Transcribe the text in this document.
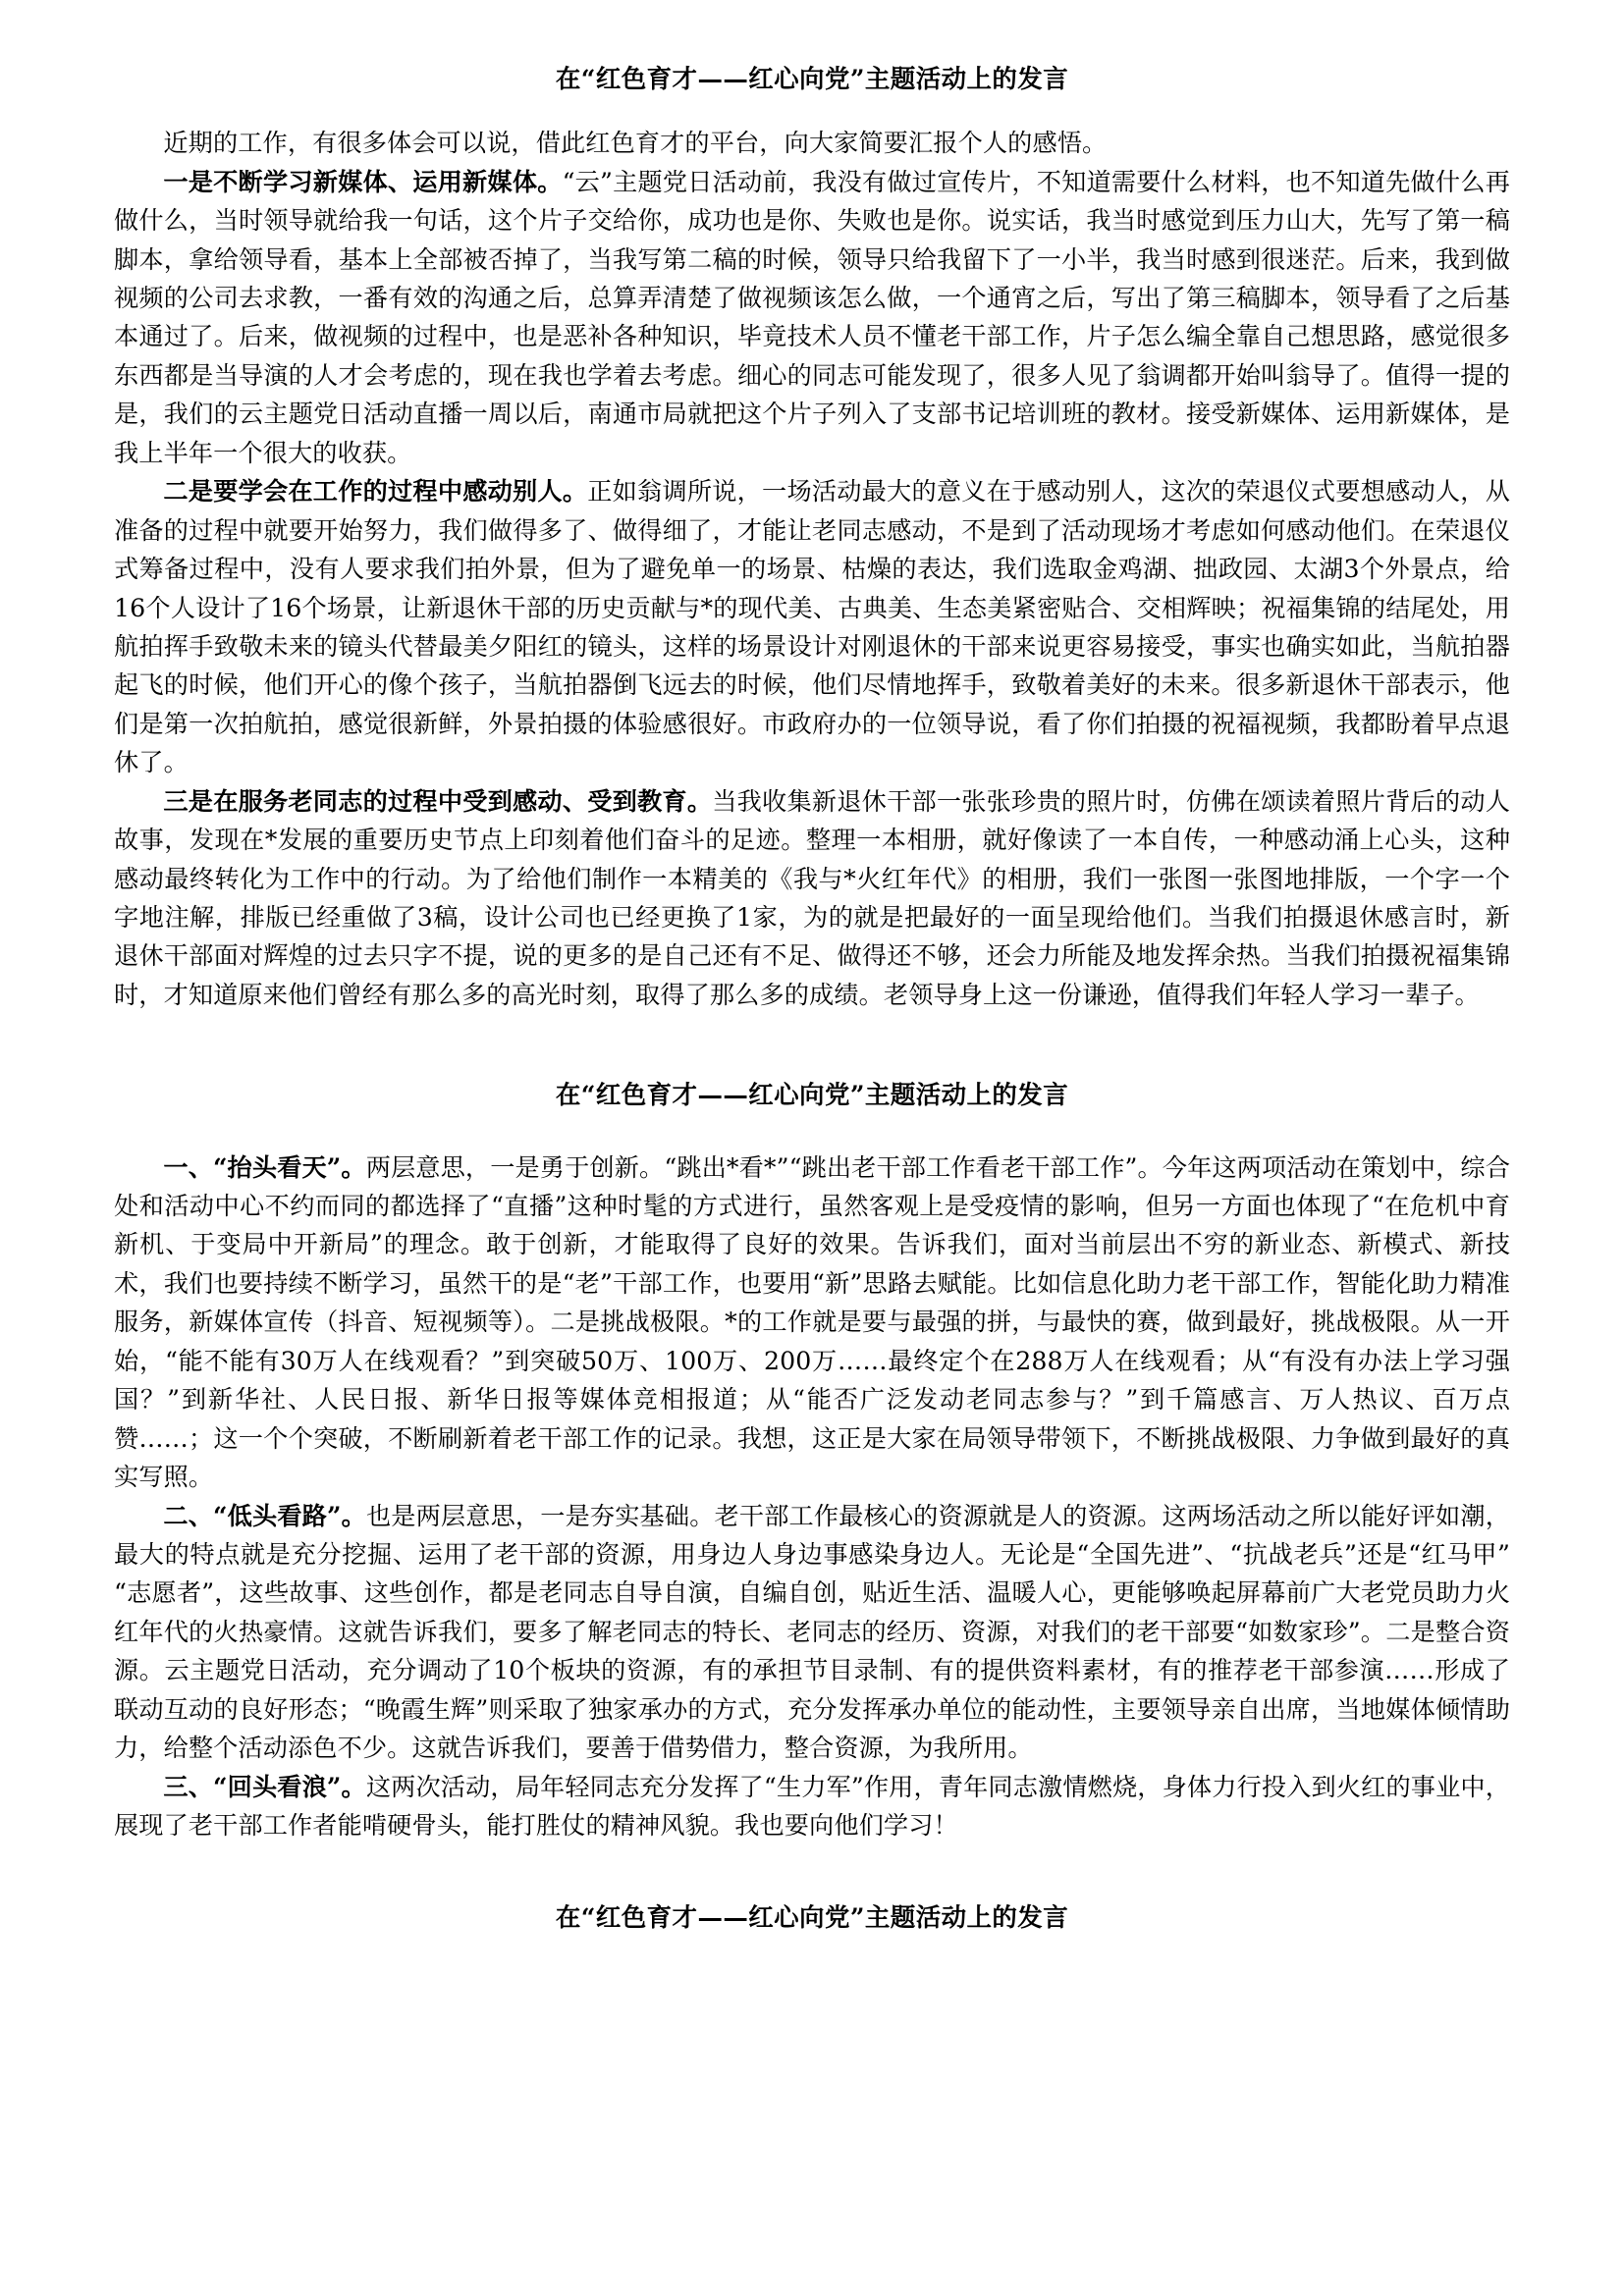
在“红色育才——红心向党”主题活动上的发言

近期的工作，有很多体会可以说，借此红色育才的平台，向大家简要汇报个人的感悟。

一是不断学习新媒体、运用新媒体。“云”主题党日活动前，我没有做过宣传片，不知道需要什么材料，也不知道先做什么再做什么，当时领导就给我一句话，这个片子交给你，成功也是你、失败也是你。说实话，我当时感觉到压力山大，先写了第一稿脚本，拿给领导看，基本上全部被否掉了，当我写第二稿的时候，领导只给我留下了一小半，我当时感到很迷茫。后来，我到做视频的公司去求教，一番有效的沟通之后，总算弄清楚了做视频该怎么做，一个通宵之后，写出了第三稿脚本，领导看了之后基本通过了。后来，做视频的过程中，也是恶补各种知识，毕竟技术人员不懂老干部工作，片子怎么编全靠自己想思路，感觉很多东西都是当导演的人才会考虑的，现在我也学着去考虑。细心的同志可能发现了，很多人见了翁调都开始叫翁导了。值得一提的是，我们的云主题党日活动直播一周以后，南通市局就把这个片子列入了支部书记培训班的教材。接受新媒体、运用新媒体，是我上半年一个很大的收获。

二是要学会在工作的过程中感动别人。正如翁调所说，一场活动最大的意义在于感动别人，这次的荣退仪式要想感动人，从准备的过程中就要开始努力，我们做得多了、做得细了，才能让老同志感动，不是到了活动现场才考虑如何感动他们。在荣退仪式筹备过程中，没有人要求我们拍外景，但为了避免单一的场景、枯燥的表达，我们选取金鸡湖、拙政园、太湖3个外景点，给16个人设计了16个场景，让新退休干部的历史贡献与*的现代美、古典美、生态美紧密贴合、交相辉映；祝福集锦的结尾处，用航拍挥手致敬未来的镜头代替最美夕阳红的镜头，这样的场景设计对刚退休的干部来说更容易接受，事实也确实如此，当航拍器起飞的时候，他们开心的像个孩子，当航拍器倒飞远去的时候，他们尽情地挥手，致敬着美好的未来。很多新退休干部表示，他们是第一次拍航拍，感觉很新鲜，外景拍摄的体验感很好。市政府办的一位领导说，看了你们拍摄的祝福视频，我都盼着早点退休了。

三是在服务老同志的过程中受到感动、受到教育。当我收集新退休干部一张张珍贵的照片时，仿佛在颂读着照片背后的动人故事，发现在*发展的重要历史节点上印刻着他们奋斗的足迹。整理一本相册，就好像读了一本自传，一种感动涌上心头，这种感动最终转化为工作中的行动。为了给他们制作一本精美的《我与*火红年代》的相册，我们一张图一张图地排版，一个字一个字地注解，排版已经重做了3稿，设计公司也已经更换了1家，为的就是把最好的一面呈现给他们。当我们拍摄退休感言时，新退休干部面对辉煌的过去只字不提，说的更多的是自己还有不足、做得还不够，还会力所能及地发挥余热。当我们拍摄祝福集锦时，才知道原来他们曾经有那么多的高光时刻，取得了那么多的成绩。老领导身上这一份谦逊，值得我们年轻人学习一辈子。

在“红色育才——红心向党”主题活动上的发言

一、“抬头看天”。两层意思，一是勇于创新。“跳出*看*”“跳出老干部工作看老干部工作”。今年这两项活动在策划中，综合处和活动中心不约而同的都选择了“直播”这种时髦的方式进行，虽然客观上是受疫情的影响，但另一方面也体现了“在危机中育新机、于变局中开新局”的理念。敢于创新，才能取得了良好的效果。告诉我们，面对当前层出不穷的新业态、新模式、新技术，我们也要持续不断学习，虽然干的是“老”干部工作，也要用“新”思路去赋能。比如信息化助力老干部工作，智能化助力精准服务，新媒体宣传（抖音、短视频等）。二是挑战极限。*的工作就是要与最强的拼，与最快的赛，做到最好，挑战极限。从一开始，“能不能有30万人在线观看？”到突破50万、100万、200万……最终定个在288万人在线观看；从“有没有办法上学习强国？”到新华社、人民日报、新华日报等媒体竞相报道；从“能否广泛发动老同志参与？”到千篇感言、万人热议、百万点赞……；这一个个突破，不断刷新着老干部工作的记录。我想，这正是大家在局领导带领下，不断挑战极限、力争做到最好的真实写照。

二、“低头看路”。也是两层意思，一是夯实基础。老干部工作最核心的资源就是人的资源。这两场活动之所以能好评如潮，最大的特点就是充分挖掘、运用了老干部的资源，用身边人身边事感染身边人。无论是“全国先进”、“抗战老兵”还是“红马甲”“志愿者”，这些故事、这些创作，都是老同志自导自演，自编自创，贴近生活、温暖人心，更能够唤起屏幕前广大老党员助力火红年代的火热豪情。这就告诉我们，要多了解老同志的特长、老同志的经历、资源，对我们的老干部要“如数家珍”。二是整合资源。云主题党日活动，充分调动了10个板块的资源，有的承担节目录制、有的提供资料素材，有的推荐老干部参演……形成了联动互动的良好形态；“晚霞生辉”则采取了独家承办的方式，充分发挥承办单位的能动性，主要领导亲自出席，当地媒体倾情助力，给整个活动添色不少。这就告诉我们，要善于借势借力，整合资源，为我所用。

三、“回头看浪”。这两次活动，局年轻同志充分发挥了“生力军”作用，青年同志激情燃烧，身体力行投入到火红的事业中，展现了老干部工作者能啃硬骨头，能打胜仗的精神风貌。我也要向他们学习！

在“红色育才——红心向党”主题活动上的发言
